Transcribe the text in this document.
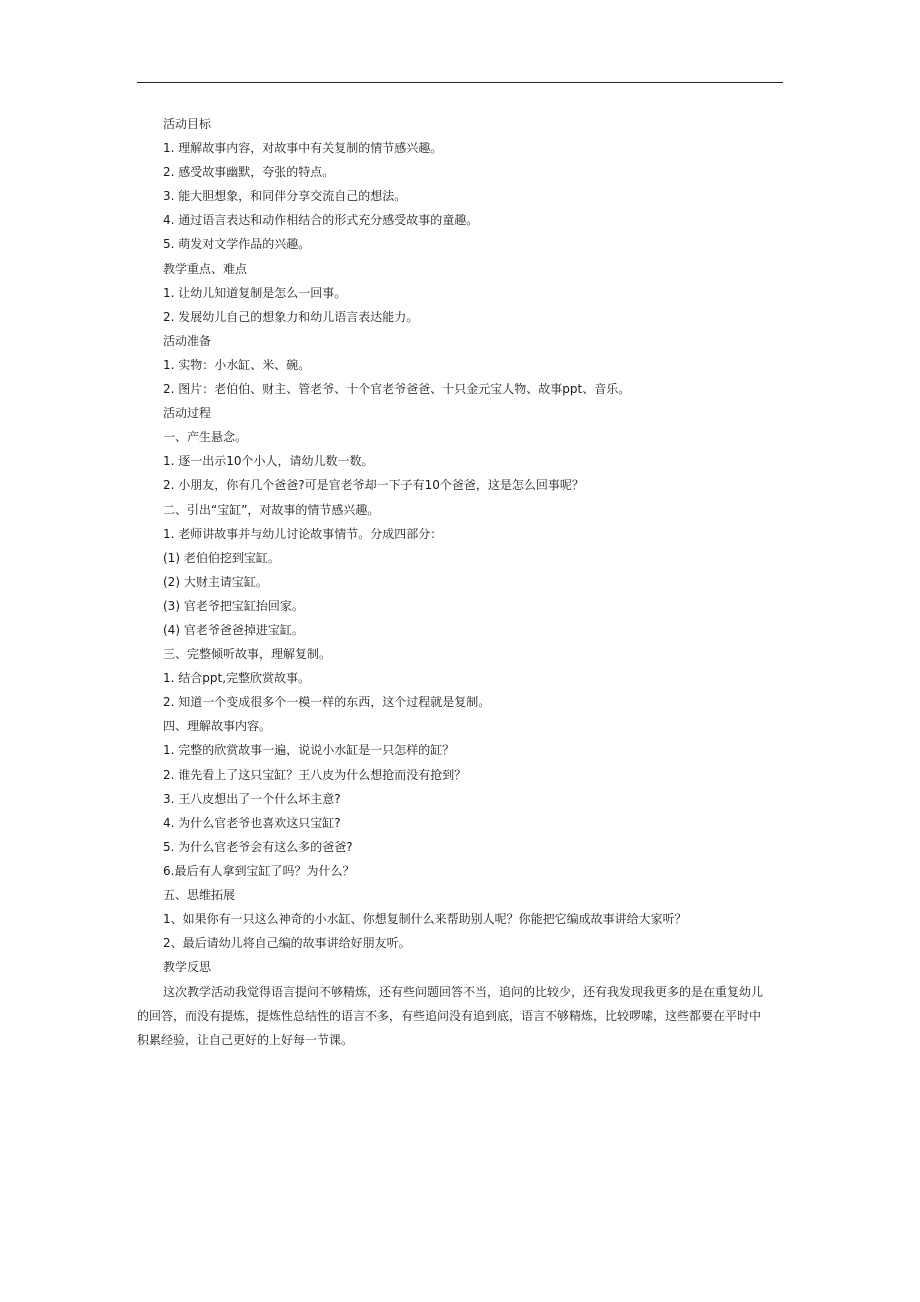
活动目标
1. 理解故事内容，对故事中有关复制的情节感兴趣。
2. 感受故事幽默，夸张的特点。
3. 能大胆想象，和同伴分享交流自己的想法。
4. 通过语言表达和动作相结合的形式充分感受故事的童趣。
5. 萌发对文学作品的兴趣。
教学重点、难点
1. 让幼儿知道复制是怎么一回事。
2. 发展幼儿自己的想象力和幼儿语言表达能力。
活动准备
1. 实物：小水缸、米、碗。
2. 图片：老伯伯、财主、管老爷、十个官老爷爸爸、十只金元宝人物、故事ppt、音乐。
活动过程
一、产生悬念。
1. 逐一出示10个小人，请幼儿数一数。
2. 小朋友，你有几个爸爸?可是官老爷却一下子有10个爸爸，这是怎么回事呢？
二、引出“宝缸”，对故事的情节感兴趣。
1. 老师讲故事并与幼儿讨论故事情节。分成四部分：
(1) 老伯伯挖到宝缸。
(2) 大财主请宝缸。
(3) 官老爷把宝缸抬回家。
(4) 官老爷爸爸掉进宝缸。
三、完整倾听故事，理解复制。
1. 结合ppt,完整欣赏故事。
2. 知道一个变成很多个一模一样的东西，这个过程就是复制。
四、理解故事内容。
1. 完整的欣赏故事一遍，说说小水缸是一只怎样的缸？
2. 谁先看上了这只宝缸？王八皮为什么想抢而没有抢到？
3. 王八皮想出了一个什么坏主意?
4. 为什么官老爷也喜欢这只宝缸?
5. 为什么官老爷会有这么多的爸爸?
6.最后有人拿到宝缸了吗？为什么？
五、思维拓展
1、如果你有一只这么神奇的小水缸、你想复制什么来帮助别人呢？你能把它编成故事讲给大家听？
2、最后请幼儿将自己编的故事讲给好朋友听。
教学反思
这次教学活动我觉得语言提问不够精炼，还有些问题回答不当，追问的比较少，还有我发现我更多的是在重复幼儿
的回答，而没有提炼，提炼性总结性的语言不多，有些追问没有追到底，语言不够精炼，比较啰嗦，这些都要在平时中
积累经验，让自己更好的上好每一节课。
